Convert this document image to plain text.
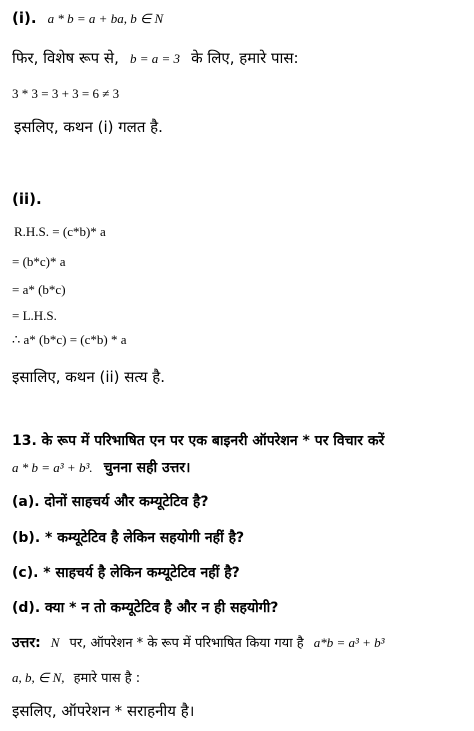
(i). a * b = a + ba, b ∈ N
फिर, विशेष रूप से, b = a = 3 के लिए, हमारे पास:
3 * 3 = 3 + 3 = 6 ≠ 3
इसलिए, कथन (i) गलत है.
(ii).
R.H.S. = (c*b)* a
= (b*c)* a
= a* (b*c)
= L.H.S.
∴ a* (b*c) = (c*b) * a
इसालिए, कथन (ii) सत्य है.
13. के रूप में परिभाषित एन पर एक बाइनरी ऑपरेशन * पर विचार करें
a * b = a³ + b³. चुनना सही उत्तर।
(a). दोनों साहचर्य और कम्यूटेटिव है?
(b). * कम्यूटेटिव है लेकिन सहयोगी नहीं है?
(c). * साहचर्य है लेकिन कम्यूटेटिव नहीं है?
(d). क्या * न तो कम्यूटेटिव है और न ही सहयोगी?
उत्तर: N पर, ऑपरेशन * के रूप में परिभाषित किया गया है a*b = a³ + b³
a, b, ∈ N, हमारे पास है :
इसलिए, ऑपरेशन * सराहनीय है।
